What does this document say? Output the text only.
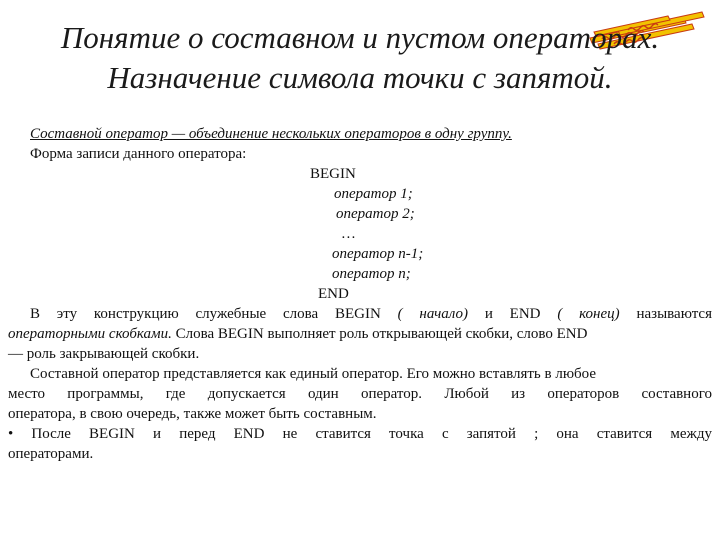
Понятие о составном и пустом операторах.
Назначение символа точки с запятой.
Составной оператор — объединение нескольких операторов в одну группу.
Форма записи данного оператора:
BEGIN
оператор 1;
оператор 2;
…
оператор n-1;
оператор n;
END
В эту конструкцию служебные слова BEGIN ( начало) и END ( конец) называются
операторными скобками. Слова BEGIN выполняет роль открывающей скобки, слово END
— роль закрывающей скобки.
Составной оператор представляется как единый оператор. Его можно вставлять в любое
место программы, где допускается один оператор. Любой из операторов составного
оператора, в свою очередь, также может быть составным.
• После BEGIN и перед END не ставится точка с запятой ; она ставится между
операторами.
